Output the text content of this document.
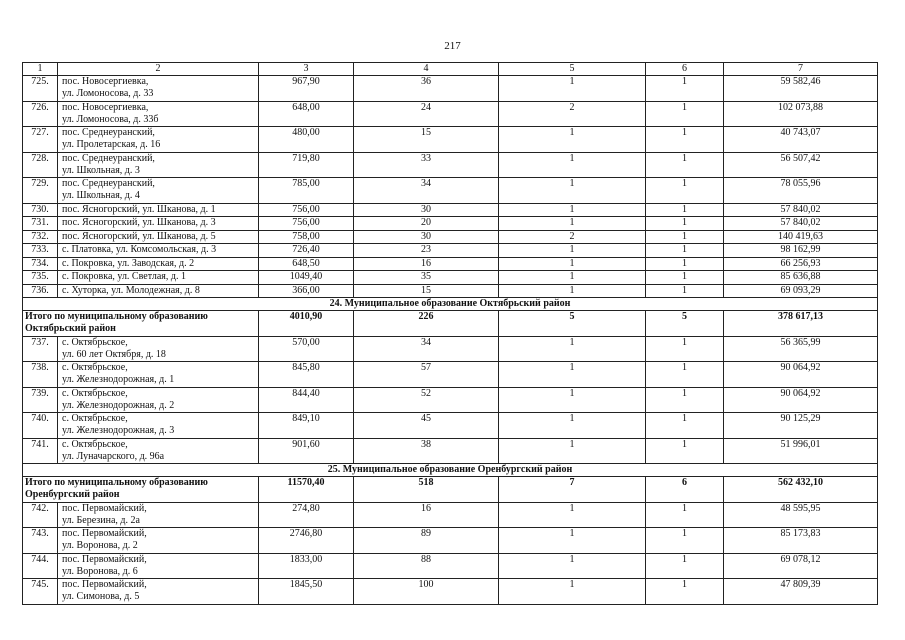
217
1	2	3	4	5	6	7
725.	пос. Новосергиевка,
ул. Ломоносова, д. 33	967,90	36	1	1	59 582,46
726.	пос. Новосергиевка,
ул. Ломоносова, д. 33б	648,00	24	2	1	102 073,88
727.	пос. Среднеуранский,
ул. Пролетарская, д. 16	480,00	15	1	1	40 743,07
728.	пос. Среднеуранский,
ул. Школьная, д. 3	719,80	33	1	1	56 507,42
729.	пос. Среднеуранский,
ул. Школьная, д. 4	785,00	34	1	1	78 055,96
730.	пос. Ясногорский, ул. Шканова, д. 1	756,00	30	1	1	57 840,02
731.	пос. Ясногорский, ул. Шканова, д. 3	756,00	20	1	1	57 840,02
732.	пос. Ясногорский, ул. Шканова, д. 5	758,00	30	2	1	140 419,63
733.	с. Платовка, ул. Комсомольская, д. 3	726,40	23	1	1	98 162,99
734.	с. Покровка, ул. Заводская, д. 2	648,50	16	1	1	66 256,93
735.	с. Покровка, ул. Светлая, д. 1	1049,40	35	1	1	85 636,88
736.	с. Хуторка, ул. Молодежная, д. 8	366,00	15	1	1	69 093,29
24. Муниципальное образование Октябрьский район						

Итого по муниципальному образованию
Октябрьский район		4010,90	226	5	5	378 617,13
737.	с. Октябрьское,
ул. 60 лет Октября, д. 18	570,00	34	1	1	56 365,99
738.	с. Октябрьское,
ул. Железнодорожная, д. 1	845,80	57	1	1	90 064,92
739.	с. Октябрьское,
ул. Железнодорожная, д. 2	844,40	52	1	1	90 064,92
740.	с. Октябрьское,
ул. Железнодорожная, д. 3	849,10	45	1	1	90 125,29
741.	с. Октябрьское,
ул. Луначарского, д. 96а	901,60	38	1	1	51 996,01
25. Муниципальное образование Оренбургский район						

Итого по муниципальному образованию
Оренбургский район		11570,40	518	7	6	562 432,10
742.	пос. Первомайский,
ул. Березина, д. 2а	274,80	16	1	1	48 595,95
743.	пос. Первомайский,
ул. Воронова, д. 2	2746,80	89	1	1	85 173,83
744.	пос. Первомайский,
ул. Воронова, д. 6	1833,00	88	1	1	69 078,12
745.	пос. Первомайский,
ул. Симонова, д. 5	1845,50	100	1	1	47 809,39
